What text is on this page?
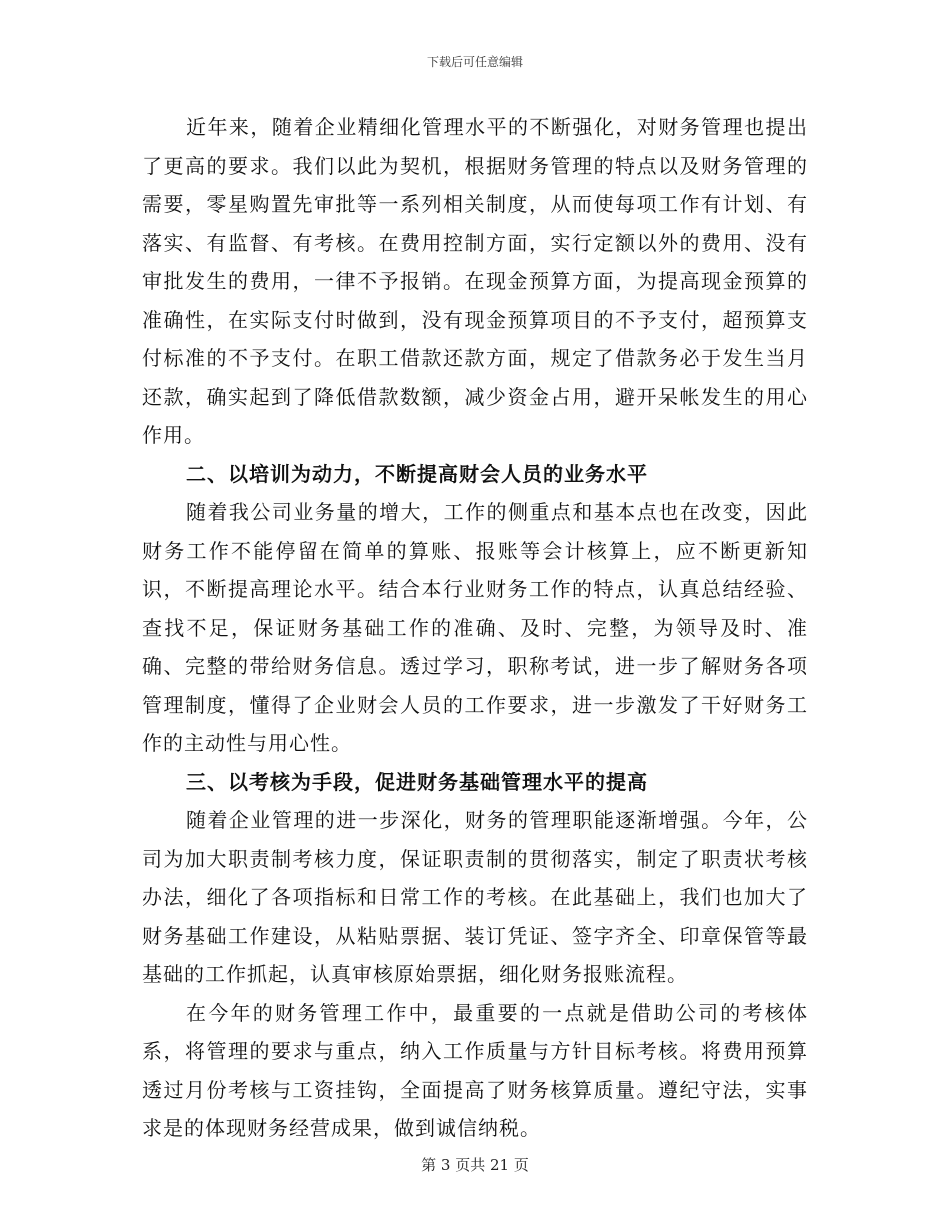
下载后可任意编辑

近年来，随着企业精细化管理水平的不断强化，对财务管理也提出了更高的要求。我们以此为契机，根据财务管理的特点以及财务管理的需要，零星购置先审批等一系列相关制度，从而使每项工作有计划、有落实、有监督、有考核。在费用控制方面，实行定额以外的费用、没有审批发生的费用，一律不予报销。在现金预算方面，为提高现金预算的准确性，在实际支付时做到，没有现金预算项目的不予支付，超预算支付标准的不予支付。在职工借款还款方面，规定了借款务必于发生当月还款，确实起到了降低借款数额，减少资金占用，避开呆帐发生的用心作用。

二、以培训为动力，不断提高财会人员的业务水平

随着我公司业务量的增大，工作的侧重点和基本点也在改变，因此财务工作不能停留在简单的算账、报账等会计核算上，应不断更新知识，不断提高理论水平。结合本行业财务工作的特点，认真总结经验、查找不足，保证财务基础工作的准确、及时、完整，为领导及时、准确、完整的带给财务信息。透过学习，职称考试，进一步了解财务各项管理制度，懂得了企业财会人员的工作要求，进一步激发了干好财务工作的主动性与用心性。

三、以考核为手段，促进财务基础管理水平的提高

随着企业管理的进一步深化，财务的管理职能逐渐增强。今年，公司为加大职责制考核力度，保证职责制的贯彻落实，制定了职责状考核办法，细化了各项指标和日常工作的考核。在此基础上，我们也加大了财务基础工作建设，从粘贴票据、装订凭证、签字齐全、印章保管等最基础的工作抓起，认真审核原始票据，细化财务报账流程。

在今年的财务管理工作中，最重要的一点就是借助公司的考核体系，将管理的要求与重点，纳入工作质量与方针目标考核。将费用预算透过月份考核与工资挂钩，全面提高了财务核算质量。遵纪守法，实事求是的体现财务经营成果，做到诚信纳税。

第 3 页共 21 页
